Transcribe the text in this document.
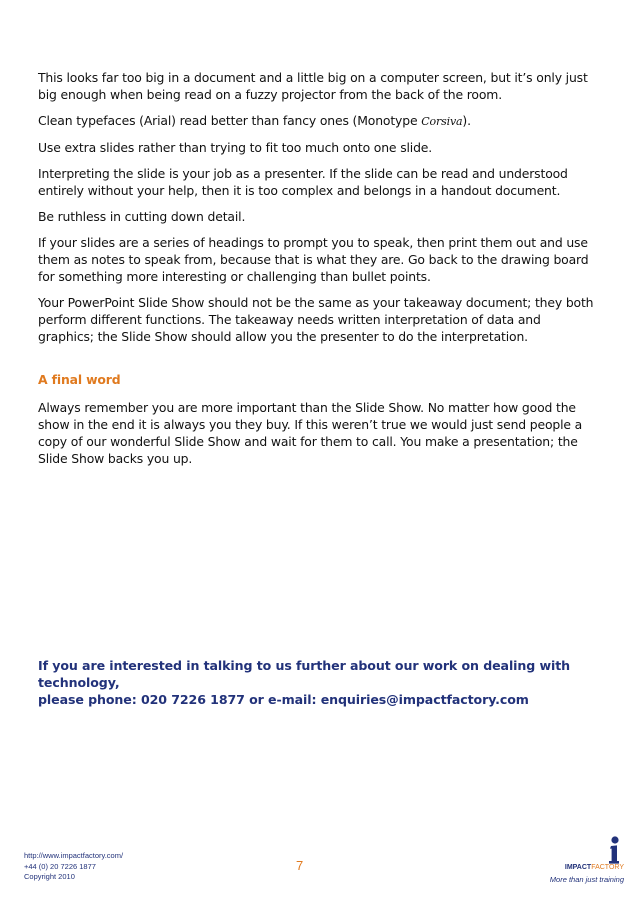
This looks far too big in a document and a little big on a computer screen, but it’s only just big enough when being read on a fuzzy projector from the back of the room.

Clean typefaces (Arial) read better than fancy ones (Monotype Corsiva).

Use extra slides rather than trying to fit too much onto one slide.

Interpreting the slide is your job as a presenter. If the slide can be read and understood entirely without your help, then it is too complex and belongs in a handout document.

Be ruthless in cutting down detail.

If your slides are a series of headings to prompt you to speak, then print them out and use them as notes to speak from, because that is what they are. Go back to the drawing board for something more interesting or challenging than bullet points.

Your PowerPoint Slide Show should not be the same as your takeaway document; they both perform different functions. The takeaway needs written interpretation of data and graphics; the Slide Show should allow you the presenter to do the interpretation.

A final word

Always remember you are more important than the Slide Show. No matter how good the show in the end it is always you they buy. If this weren’t true we would just send people a copy of our wonderful Slide Show and wait for them to call. You make a presentation; the Slide Show backs you up.

If you are interested in talking to us further about our work on dealing with technology,
please phone: 020 7226 1877 or e-mail: enquiries@impactfactory.com
http://www.impactfactory.com/
+44 (0) 20 7226 1877
Copyright 2010
7	IMPACTFACTORY
More than just training
